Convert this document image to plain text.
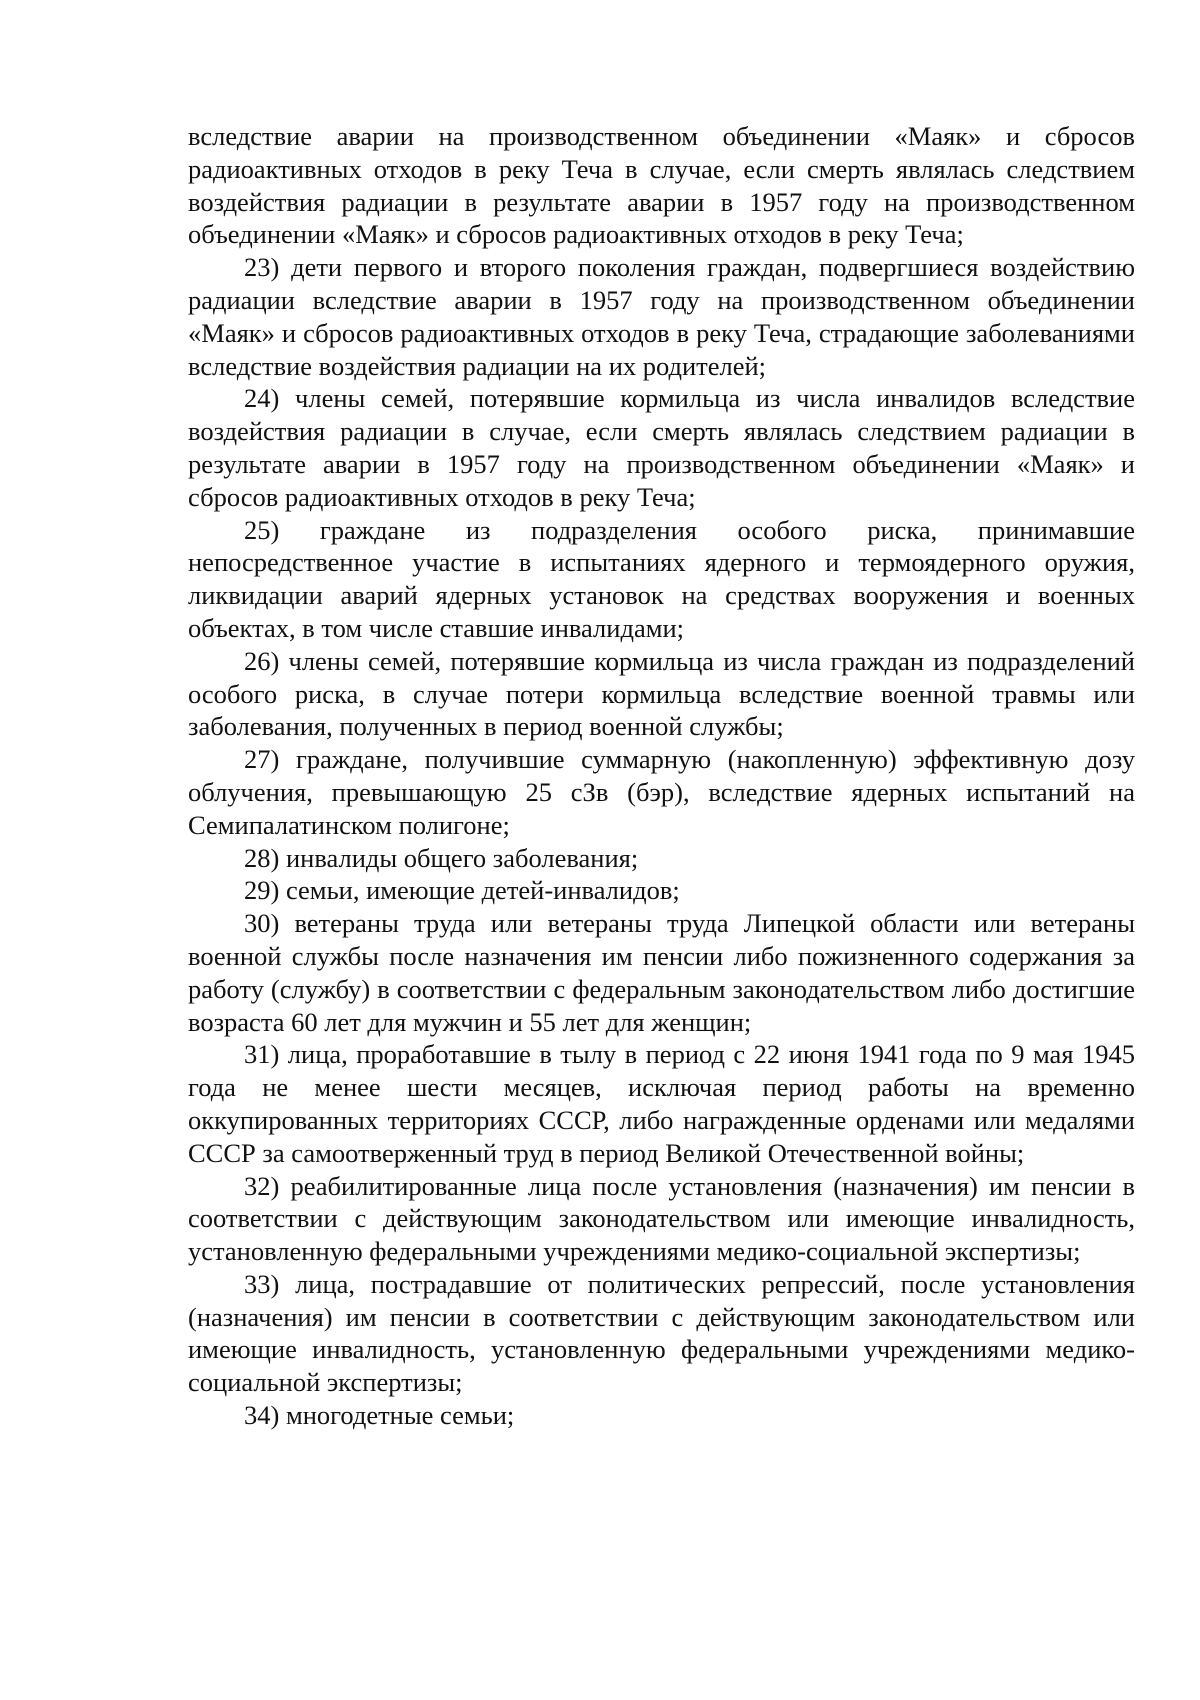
вследствие аварии на производственном объединении «Маяк» и сбросов радиоактивных отходов в реку Теча в случае, если смерть являлась следствием воздействия радиации в результате аварии в 1957 году на производственном объединении «Маяк» и сбросов радиоактивных отходов в реку Теча;

23) дети первого и второго поколения граждан, подвергшиеся воздействию радиации вследствие аварии в 1957 году на производственном объединении «Маяк» и сбросов радиоактивных отходов в реку Теча, страдающие заболеваниями вследствие воздействия радиации на их родителей;

24) члены семей, потерявшие кормильца из числа инвалидов вследствие воздействия радиации в случае, если смерть являлась следствием радиации в результате аварии в 1957 году на производственном объединении «Маяк» и сбросов радиоактивных отходов в реку Теча;

25) граждане из подразделения особого риска, принимавшие непосредственное участие в испытаниях ядерного и термоядерного оружия, ликвидации аварий ядерных установок на средствах вооружения и военных объектах, в том числе ставшие инвалидами;

26) члены семей, потерявшие кормильца из числа граждан из подразделений особого риска, в случае потери кормильца вследствие военной травмы или заболевания, полученных в период военной службы;

27) граждане, получившие суммарную (накопленную) эффективную дозу облучения, превышающую 25 сЗв (бэр), вследствие ядерных испытаний на Семипалатинском полигоне;

28) инвалиды общего заболевания;

29) семьи, имеющие детей-инвалидов;

30) ветераны труда или ветераны труда Липецкой области или ветераны военной службы после назначения им пенсии либо пожизненного содержания за работу (службу) в соответствии с федеральным законодательством либо достигшие возраста 60 лет для мужчин и 55 лет для женщин;

31) лица, проработавшие в тылу в период с 22 июня 1941 года по 9 мая 1945 года не менее шести месяцев, исключая период работы на временно оккупированных территориях СССР, либо награжденные орденами или медалями СССР за самоотверженный труд в период Великой Отечественной войны;

32) реабилитированные лица после установления (назначения) им пенсии в соответствии с действующим законодательством или имеющие инвалидность, установленную федеральными учреждениями медико-социальной экспертизы;

33) лица, пострадавшие от политических репрессий, после установления (назначения) им пенсии в соответствии с действующим законодательством или имеющие инвалидность, установленную федеральными учреждениями медико-социальной экспертизы;

34) многодетные семьи;
